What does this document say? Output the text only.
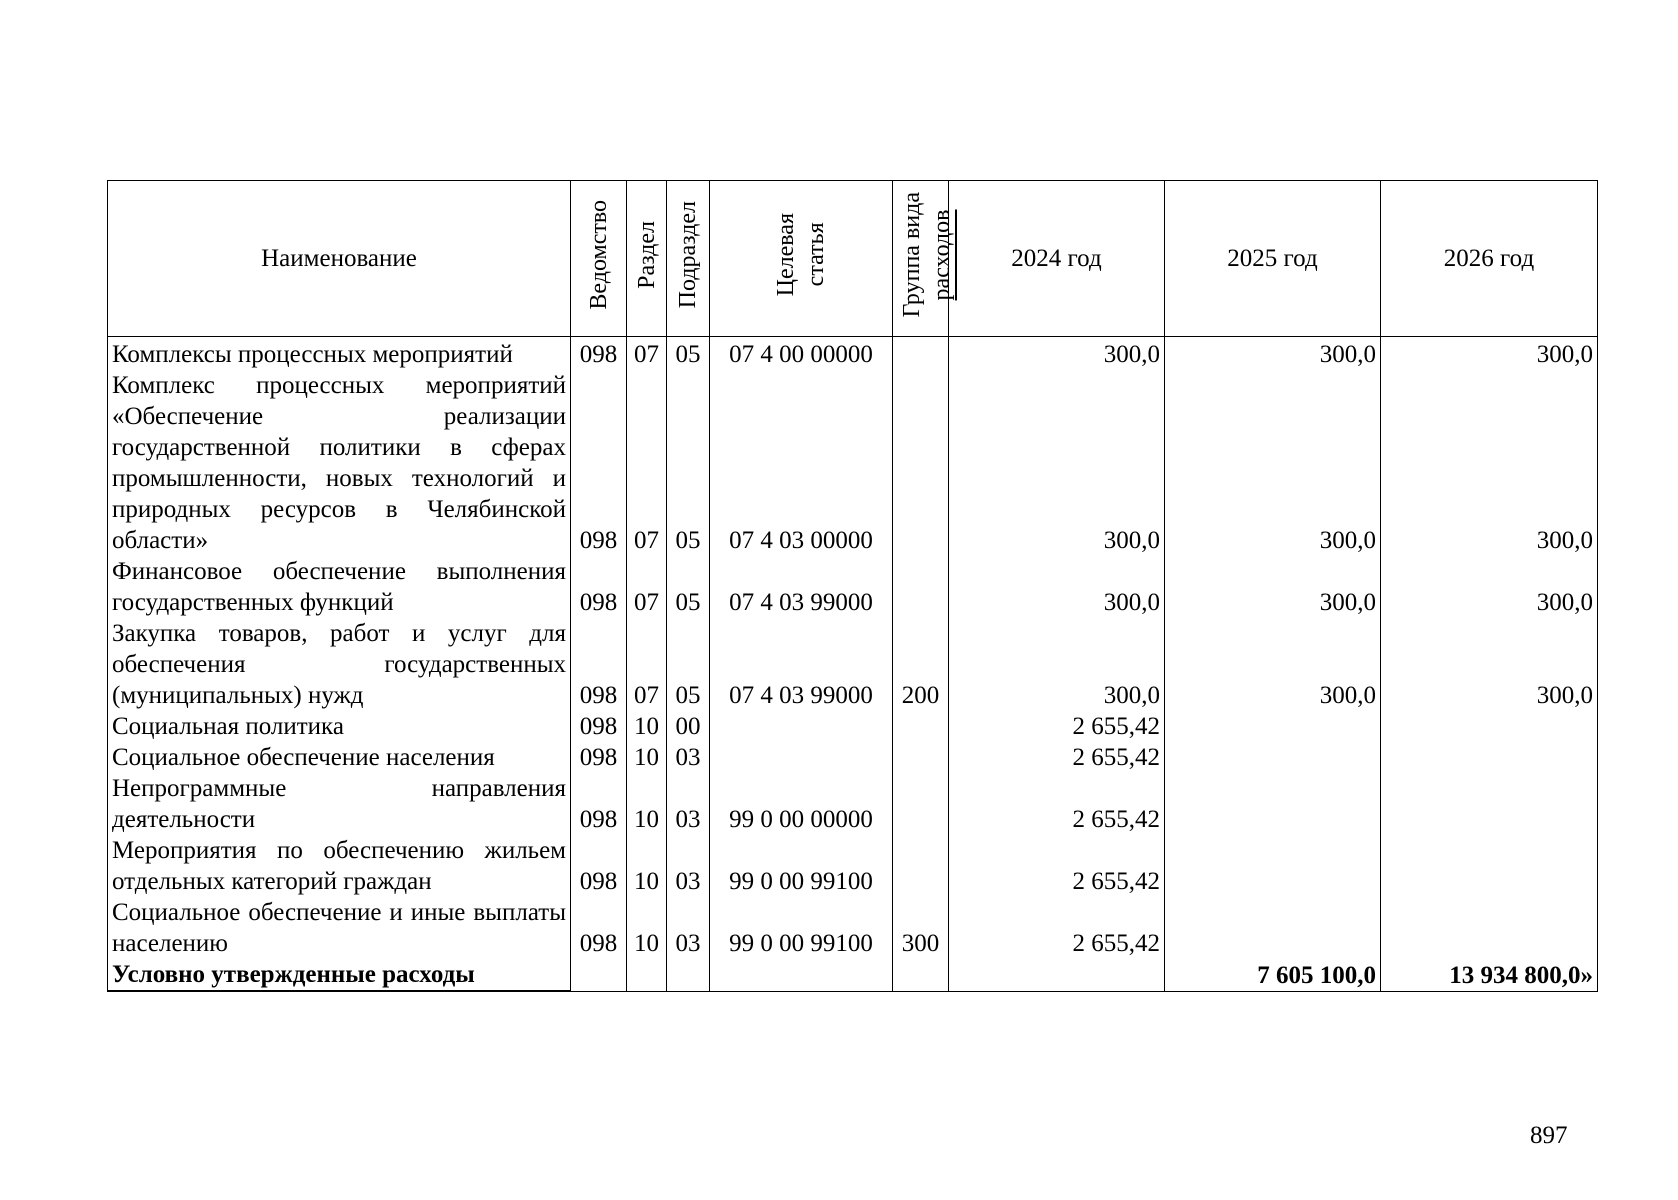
Наименование	Ведомство	Раздел	Подраздел	Целевая статья	Группа вида расходов	2024 год	2025 год	2026 год
Комплексы процессных мероприятий	098	07	05	07 4 00 00000		300,0	300,0	300,0
Комплекс процессных мероприятий «Обеспечение реализации государственной политики в сферах промышленности, новых технологий и природных ресурсов в Челябинской области»	098	07	05	07 4 03 00000		300,0	300,0	300,0
Финансовое обеспечение выполнения государственных функций	098	07	05	07 4 03 99000		300,0	300,0	300,0
Закупка товаров, работ и услуг для обеспечения государственных (муниципальных) нужд	098	07	05	07 4 03 99000	200	300,0	300,0	300,0
Социальная политика	098	10	00			2 655,42		
Социальное обеспечение населения	098	10	03			2 655,42		
Непрограммные направления деятельности	098	10	03	99 0 00 00000		2 655,42		
Мероприятия по обеспечению жильем отдельных категорий граждан	098	10	03	99 0 00 99100		2 655,42		
Социальное обеспечение и иные выплаты населению	098	10	03	99 0 00 99100	300	2 655,42		
Условно утвержденные расходы							7 605 100,0	13 934 800,0»
897
